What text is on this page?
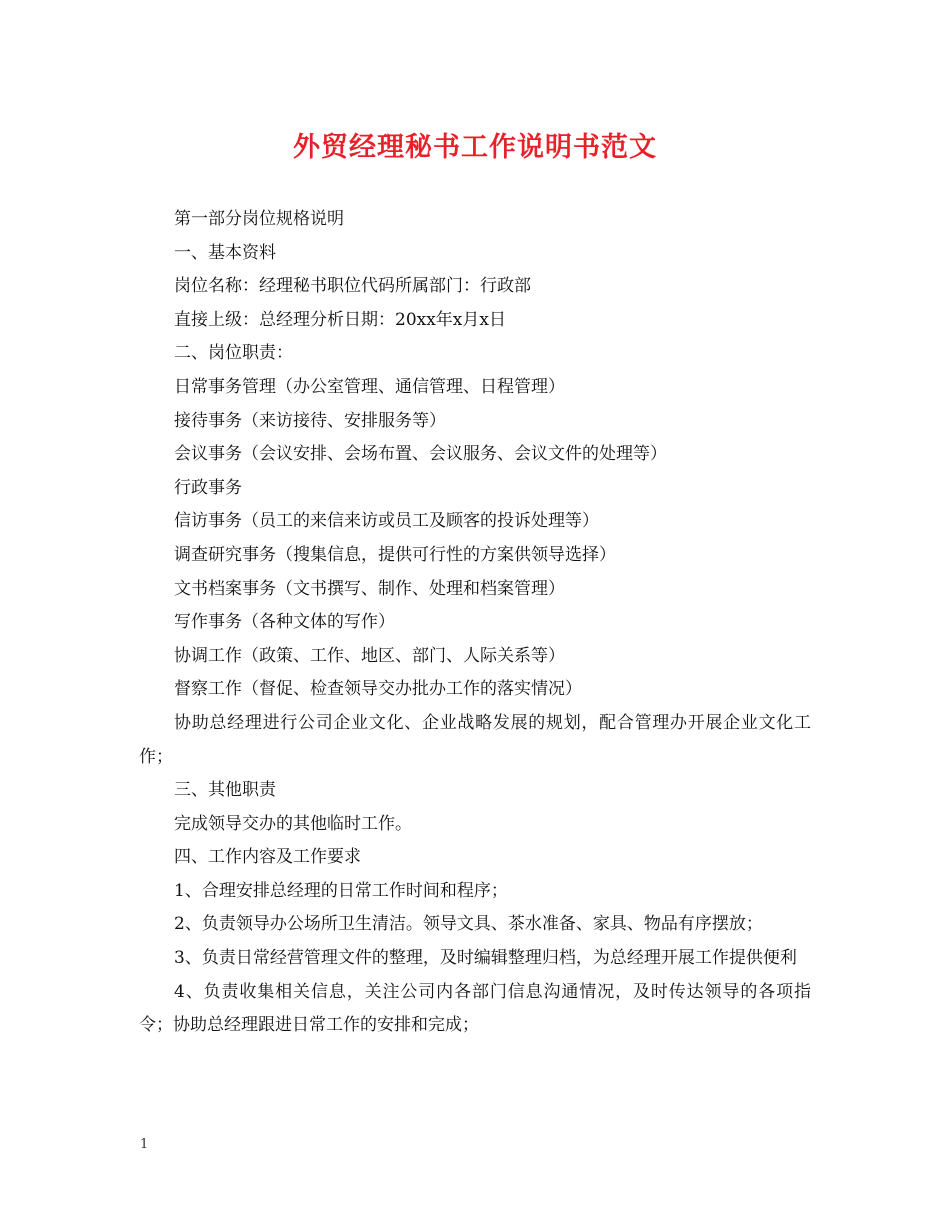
外贸经理秘书工作说明书范文

第一部分岗位规格说明

一、基本资料

岗位名称：经理秘书职位代码所属部门：行政部

直接上级：总经理分析日期：20xx年x月x日

二、岗位职责：

日常事务管理（办公室管理、通信管理、日程管理）

接待事务（来访接待、安排服务等）

会议事务（会议安排、会场布置、会议服务、会议文件的处理等）

行政事务

信访事务（员工的来信来访或员工及顾客的投诉处理等）

调查研究事务（搜集信息，提供可行性的方案供领导选择）

文书档案事务（文书撰写、制作、处理和档案管理）

写作事务（各种文体的写作）

协调工作（政策、工作、地区、部门、人际关系等）

督察工作（督促、检查领导交办批办工作的落实情况）

协助总经理进行公司企业文化、企业战略发展的规划，配合管理办开展企业文化工作；

三、其他职责

完成领导交办的其他临时工作。

四、工作内容及工作要求

1、合理安排总经理的日常工作时间和程序；

2、负责领导办公场所卫生清洁。领导文具、茶水准备、家具、物品有序摆放；

3、负责日常经营管理文件的整理，及时编辑整理归档，为总经理开展工作提供便利

4、负责收集相关信息，关注公司内各部门信息沟通情况，及时传达领导的各项指令；协助总经理跟进日常工作的安排和完成；

1
